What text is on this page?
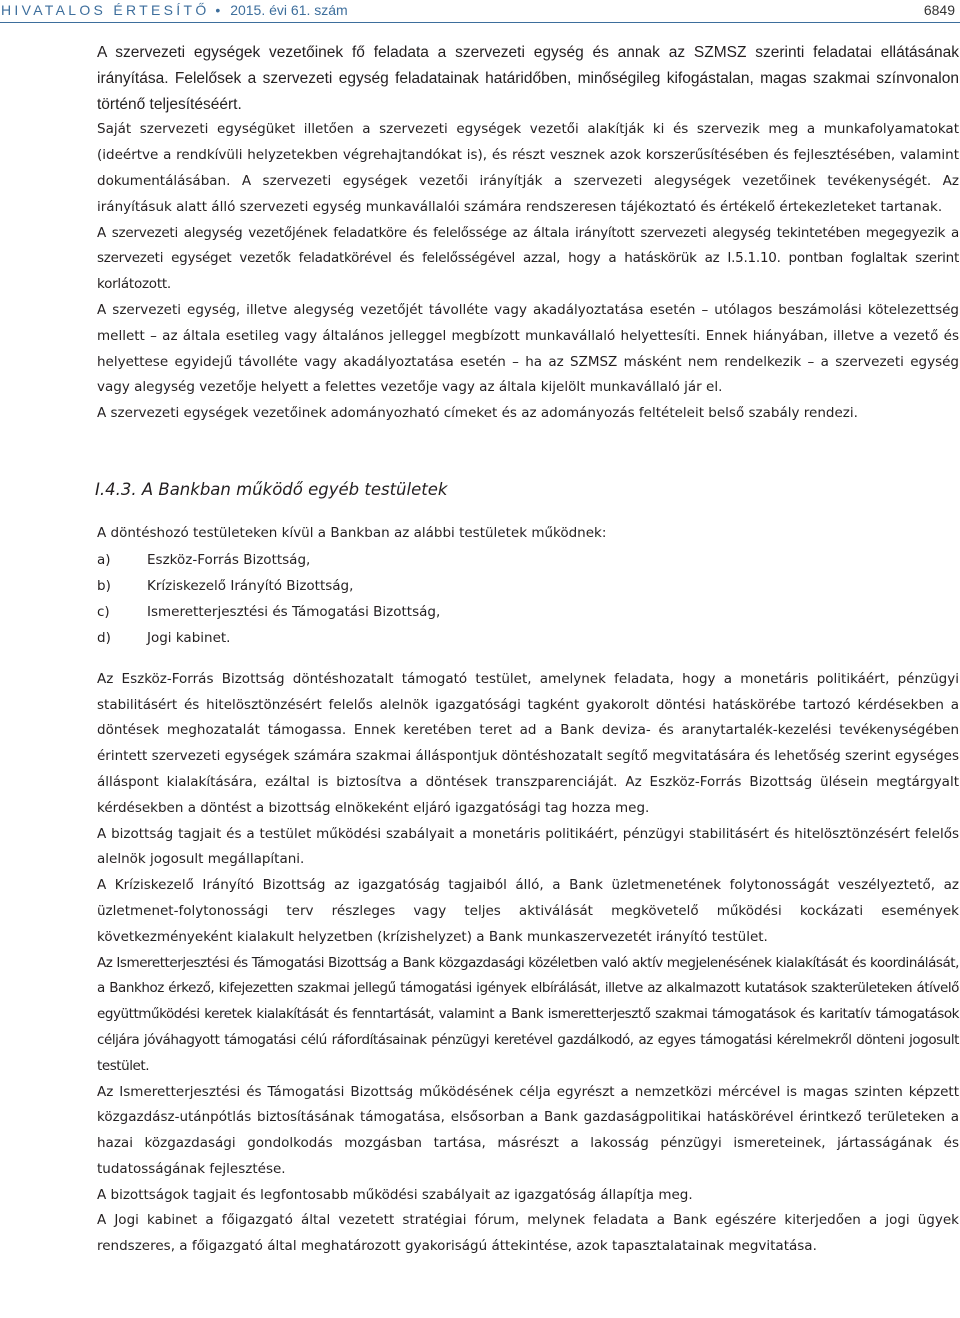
HIVATALOS ÉRTESÍTŐ • 2015. évi 61. szám	6849

A szervezeti egységek vezetőinek fő feladata a szervezeti egység és annak az SZMSZ szerinti feladatai ellátásának irányítása. Felelősek a szervezeti egység feladatainak határidőben, minőségileg kifogástalan, magas szakmai színvonalon történő teljesítéséért.

Saját szervezeti egységüket illetően a szervezeti egységek vezetői alakítják ki és szervezik meg a munkafolyamatokat (ideértve a rendkívüli helyzetekben végrehajtandókat is), és részt vesznek azok korszerűsítésében és fejlesztésében, valamint dokumentálásában. A szervezeti egységek vezetői irányítják a szervezeti alegységek vezetőinek tevékenységét. Az irányításuk alatt álló szervezeti egység munkavállalói számára rendszeresen tájékoztató és értékelő értekezleteket tartanak.

A szervezeti alegység vezetőjének feladatköre és felelőssége az általa irányított szervezeti alegység tekintetében megegyezik a szervezeti egységet vezetők feladatkörével és felelősségével azzal, hogy a hatáskörük az I.5.1.10. pontban foglaltak szerint korlátozott.

A szervezeti egység, illetve alegység vezetőjét távolléte vagy akadályoztatása esetén – utólagos beszámolási kötelezettség mellett – az általa esetileg vagy általános jelleggel megbízott munkavállaló helyettesíti. Ennek hiányában, illetve a vezető és helyettese egyidejű távolléte vagy akadályoztatása esetén – ha az SZMSZ másként nem rendelkezik – a szervezeti egység vagy alegység vezetője helyett a felettes vezetője vagy az általa kijelölt munkavállaló jár el.

A szervezeti egységek vezetőinek adományozható címeket és az adományozás feltételeit belső szabály rendezi.

I.4.3. A Bankban működő egyéb testületek

A döntéshozó testületeken kívül a Bankban az alábbi testületek működnek:

a)	Eszköz-Forrás Bizottság,
b)	Kríziskezelő Irányító Bizottság,
c)	Ismeretterjesztési és Támogatási Bizottság,
d)	Jogi kabinet.

Az Eszköz-Forrás Bizottság döntéshozatalt támogató testület, amelynek feladata, hogy a monetáris politikáért, pénzügyi stabilitásért és hitelösztönzésért felelős alelnök igazgatósági tagként gyakorolt döntési hatáskörébe tartozó kérdésekben a döntések meghozatalát támogassa. Ennek keretében teret ad a Bank deviza- és aranytartalék-kezelési tevékenységében érintett szervezeti egységek számára szakmai álláspontjuk döntéshozatalt segítő megvitatására és lehetőség szerint egységes álláspont kialakítására, ezáltal is biztosítva a döntések transzparenciáját. Az Eszköz-Forrás Bizottság ülésein megtárgyalt kérdésekben a döntést a bizottság elnökeként eljáró igazgatósági tag hozza meg.

A bizottság tagjait és a testület működési szabályait a monetáris politikáért, pénzügyi stabilitásért és hitelösztönzésért felelős alelnök jogosult megállapítani.

A Kríziskezelő Irányító Bizottság az igazgatóság tagjaiból álló, a Bank üzletmenetének folytonosságát veszélyeztető, az üzletmenet-folytonossági terv részleges vagy teljes aktiválását megkövetelő működési kockázati események következményeként kialakult helyzetben (krízishelyzet) a Bank munkaszervezetét irányító testület.

Az Ismeretterjesztési és Támogatási Bizottság a Bank közgazdasági közéletben való aktív megjelenésének kialakítását és koordinálását, a Bankhoz érkező, kifejezetten szakmai jellegű támogatási igények elbírálását, illetve az alkalmazott kutatások szakterületeken átívelő együttműködési keretek kialakítását és fenntartását, valamint a Bank ismeretterjesztő szakmai támogatások és karitatív támogatások céljára jóváhagyott támogatási célú ráfordításainak pénzügyi keretével gazdálkodó, az egyes támogatási kérelmekről dönteni jogosult testület.

Az Ismeretterjesztési és Támogatási Bizottság működésének célja egyrészt a nemzetközi mércével is magas szinten képzett közgazdász-utánpótlás biztosításának támogatása, elsősorban a Bank gazdaságpolitikai hatáskörével érintkező területeken a hazai közgazdasági gondolkodás mozgásban tartása, másrészt a lakosság pénzügyi ismereteinek, jártasságának és tudatosságának fejlesztése.

A bizottságok tagjait és legfontosabb működési szabályait az igazgatóság állapítja meg.

A Jogi kabinet a főigazgató által vezetett stratégiai fórum, melynek feladata a Bank egészére kiterjedően a jogi ügyek rendszeres, a főigazgató által meghatározott gyakoriságú áttekintése, azok tapasztalatainak megvitatása.
